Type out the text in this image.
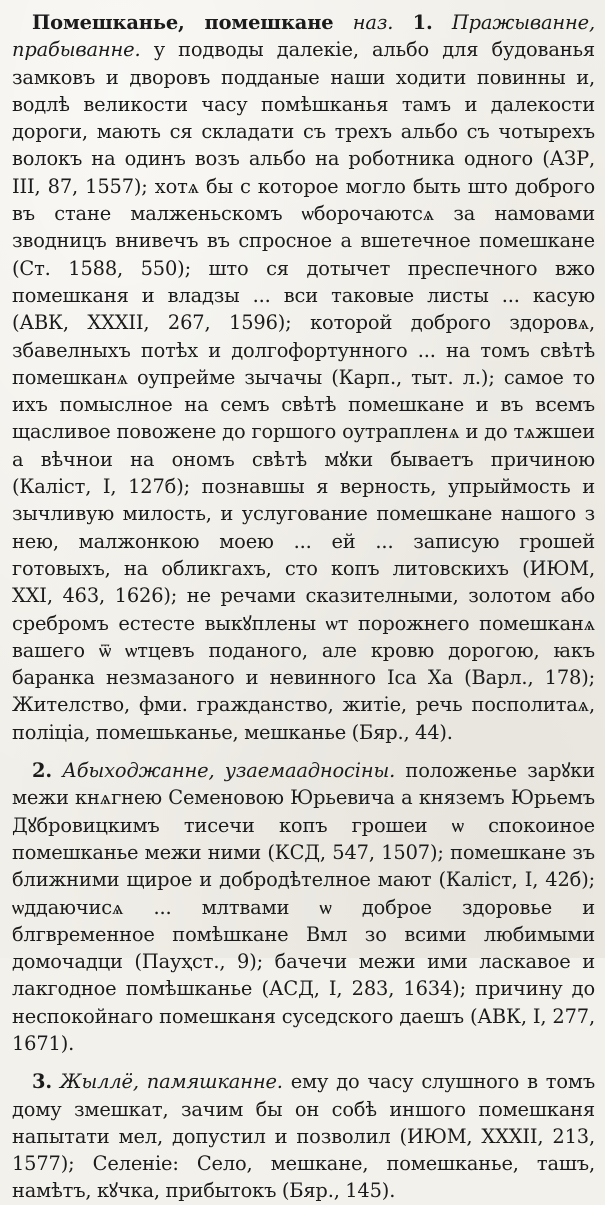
Помешканье, помешкане наз. 1. Пражыванне, прабыванне. у подводы далекіе, альбо для будованья замковъ и дворовъ подданые наши ходити повинны и, водлѣ великости часу помѣшканья тамъ и далекости дороги, мають ся складати съ трехъ альбо съ чотырехъ волокъ на одинъ возъ альбо на роботника одного (АЗР, III, 87, 1557); хотѧ бы с которое могло быть што доброго въ стане малженьскомъ ѡборочаютсѧ за намовами зводницъ внивечъ въ спросное а вшетечное помешкане (Ст. 1588, 550); што ся дотычет преспечного вжо помешканя и владзы ... вси таковые листы ... касую (АВК, XXXII, 267, 1596); которой доброго здоровѧ, збавелныхъ потѣх и долгофортунного ... на томъ свѣтѣ помешканѧ оупрейме зычачы (Карп., тыт. л.); самое то ихъ помыслное на семъ свѣтѣ помешкане и въ всемъ щасливое повожене до горшого оутрапленѧ и до тѧжшеи а вѣчнои на ономъ свѣтѣ мꙋки бываетъ причиною (Каліст, I, 127б); познавшы я верность, упрыймость и зычливую милость, и услугование помешкане нашого з нею, малжонкою моею ... ей ... записую грошей готовыхъ, на обликгахъ, сто копъ литовскихъ (ИЮМ, XXI, 463, 1626); не речами сказителными, золотом або сребромъ естесте выкꙋплены ѡт порожнего помешканѧ вашего ѿ ѡтцевъ поданого, але кровю дорогою, ꙗкъ баранка незмазаного и невинного Іса Ха (Варл., 178); Жителство, фми. гражданство, житіе, речь посполитаѧ, поліціа, помешьканье, мешканье (Бяр., 44).

2. Абыходжанне, узаемаадносіны. положенье зарꙋки межи кнѧгнею Семеновою Юрьевича а княземъ Юрьемъ Дꙋбровицкимъ тисечи копъ грошеи ѡ спокоиное помешканье межи ними (КСД, 547, 1507); помешкане зъ ближними щирое и добродѣтелное мают (Каліст, I, 42б); ѡддаючисѧ ... млтвами ѡ доброе здоровье и блгвременное помѣшкане Вмл зо всими любимыми домочадци (Пауҳст., 9); бачечи межи ими ласкавое и лакгодное помѣшканье (АСД, I, 283, 1634); причину до неспокойнаго помешканя суседского даешъ (АВК, I, 277, 1671).

3. Жыллё, памяшканне. ему до часу слушного в томъ дому змешкат, зачим бы он собѣ иншого помешканя напытати мел, допустил и позволил (ИЮМ, XXXII, 213, 1577); Селеніе: Село, мешкане, помешканье, ташъ, намѣтъ, кꙋчка, прибытокъ (Бяр., 145).
